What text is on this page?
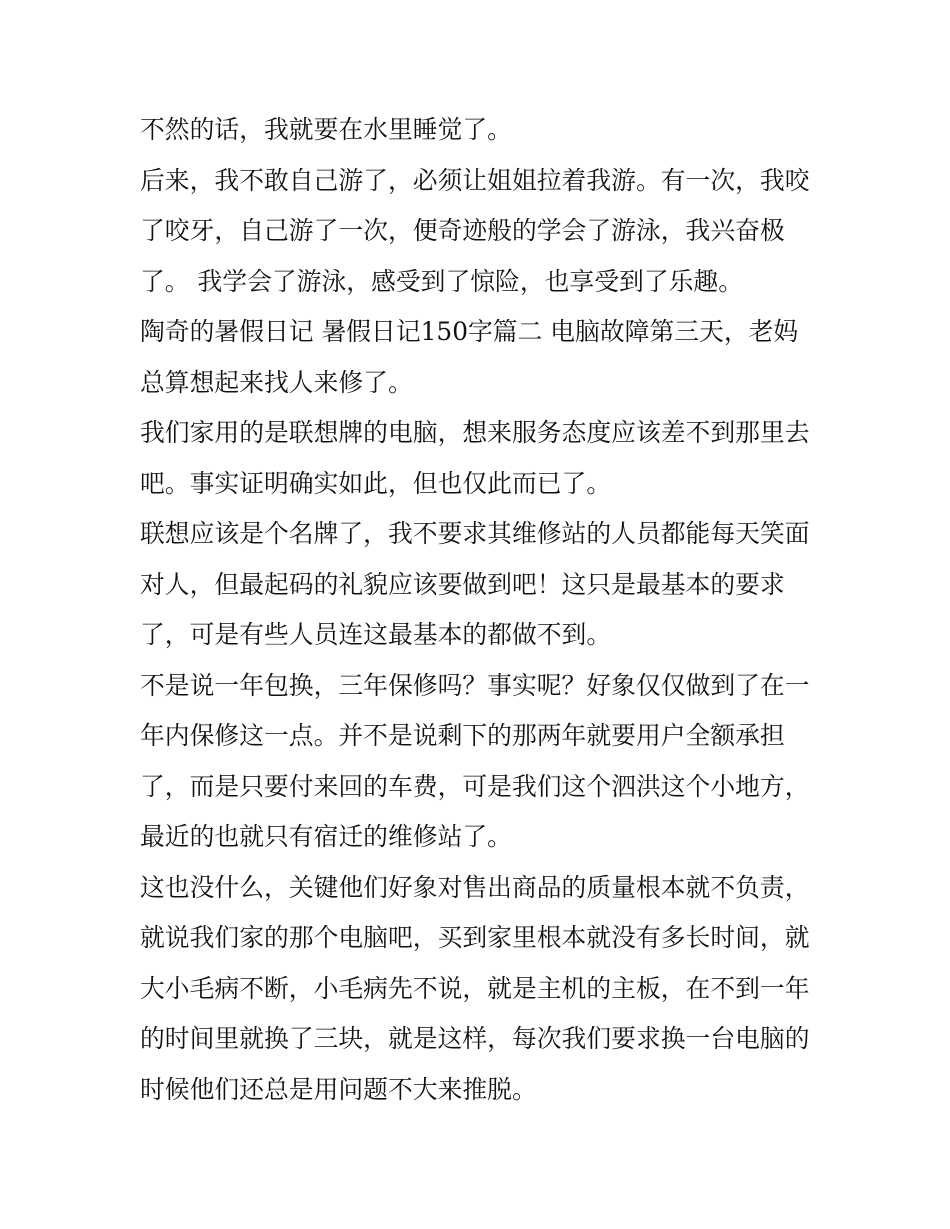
不然的话，我就要在水里睡觉了。
后来，我不敢自己游了，必须让姐姐拉着我游。有一次，我咬
了咬牙，自己游了一次，便奇迹般的学会了游泳，我兴奋极
了。 我学会了游泳，感受到了惊险，也享受到了乐趣。
陶奇的暑假日记 暑假日记150字篇二 电脑故障第三天，老妈
总算想起来找人来修了。
我们家用的是联想牌的电脑，想来服务态度应该差不到那里去
吧。事实证明确实如此，但也仅此而已了。
联想应该是个名牌了，我不要求其维修站的人员都能每天笑面
对人，但最起码的礼貌应该要做到吧！这只是最基本的要求
了，可是有些人员连这最基本的都做不到。
不是说一年包换，三年保修吗？事实呢？好象仅仅做到了在一
年内保修这一点。并不是说剩下的那两年就要用户全额承担
了，而是只要付来回的车费，可是我们这个泗洪这个小地方，
最近的也就只有宿迁的维修站了。
这也没什么，关键他们好象对售出商品的质量根本就不负责，
就说我们家的那个电脑吧，买到家里根本就没有多长时间，就
大小毛病不断，小毛病先不说，就是主机的主板，在不到一年
的时间里就换了三块，就是这样，每次我们要求换一台电脑的
时候他们还总是用问题不大来推脱。
